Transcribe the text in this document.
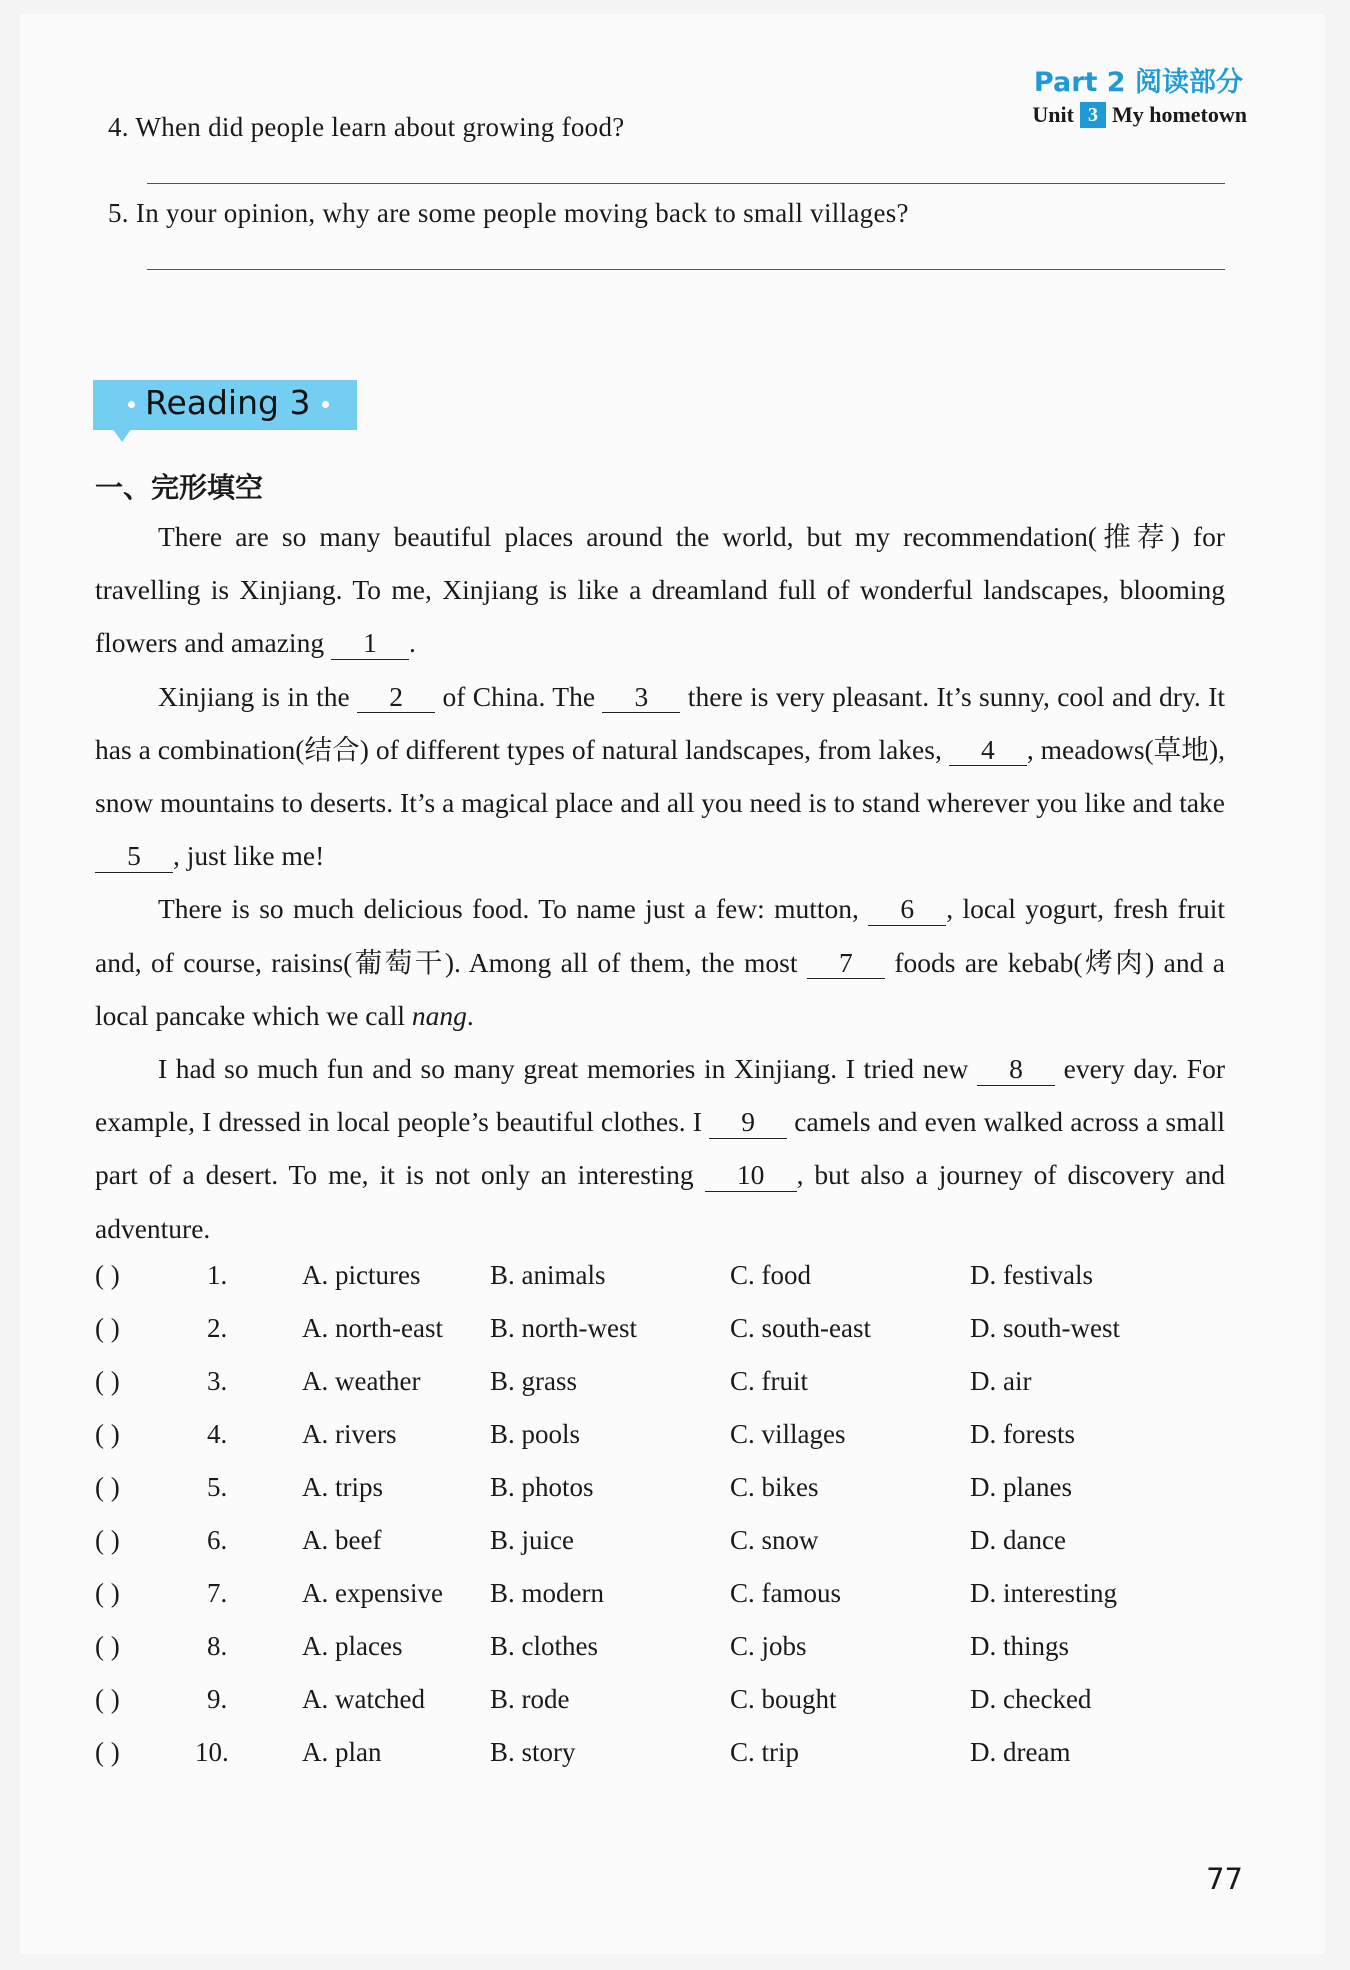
Part 2 阅读部分
Unit 3 My hometown
4. When did people learn about growing food?
5. In your opinion, why are some people moving back to small villages?
Reading 3
一、完形填空

There are so many beautiful places around the world, but my recommendation(推荐) for travelling is Xinjiang. To me, Xinjiang is like a dreamland full of wonderful landscapes, blooming flowers and amazing 1 .

Xinjiang is in the 2 of China. The 3 there is very pleasant. It’s sunny, cool and dry. It has a combination(结合) of different types of natural landscapes, from lakes, 4 , meadows(草地), snow mountains to deserts. It’s a magical place and all you need is to stand wherever you like and take 5 , just like me!

There is so much delicious food. To name just a few: mutton, 6 , local yogurt, fresh fruit and, of course, raisins(葡萄干). Among all of them, the most 7 foods are kebab(烤肉) and a local pancake which we call nang.

I had so much fun and so many great memories in Xinjiang. I tried new 8 every day. For example, I dressed in local people’s beautiful clothes. I 9 camels and even walked across a small part of a desert. To me, it is not only an interesting 10 , but also a journey of discovery and adventure.

( )	1.	A. pictures	B. animals	C. food	D. festivals
( )	2.	A. north-east B. north-west	C. south-east	D. south-west
( )	3.	A. weather	B. grass	C. fruit	D. air
( )	4.	A. rivers	B. pools	C. villages	D. forests
( )	5.	A. trips	B. photos	C. bikes	D. planes
( )	6.	A. beef	B. juice	C. snow	D. dance
( )	7.	A. expensive B. modern	C. famous	D. interesting
( )	8.	A. places	B. clothes	C. jobs	D. things
( )	9.	A. watched B. rode	C. bought	D. checked
( )	10.	A. plan	B. story	C. trip	D. dream
77
